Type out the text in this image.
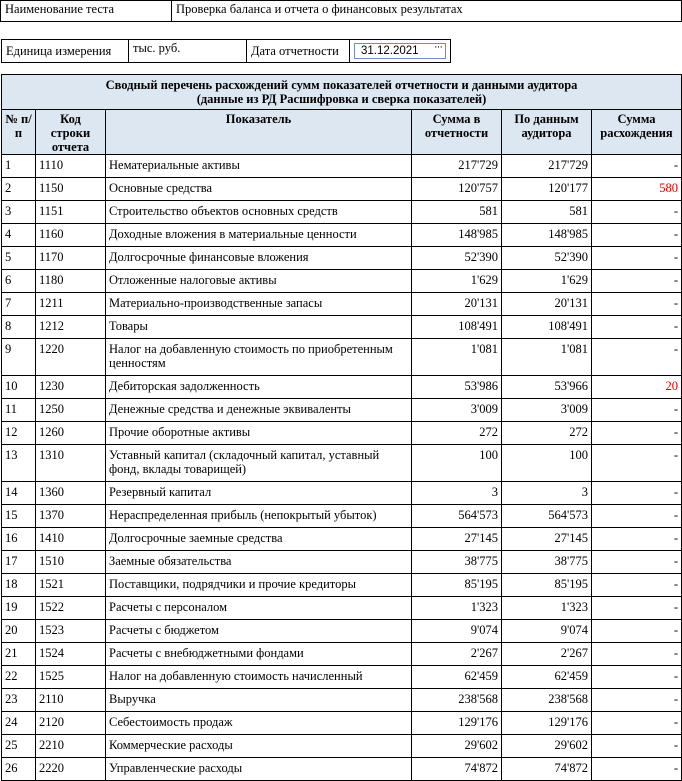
Наименование теста	Проверка баланса и отчета о финансовых результатах
Единица измерения	тыс. руб.	Дата отчетности	31.12.2021 ···
Сводный перечень расхождений сумм показателей отчетности и данными аудитора
(данные из РД Расшифровка и сверка показателей)					

№ п/п	Код строки отчета	Показатель	Сумма в отчетности	По данным аудитора	Сумма расхождения
1	1110	Нематериальные активы	217'729	217'729	-
2	1150	Основные средства	120'757	120'177	580
3	1151	Строительство объектов основных средств	581	581	-
4	1160	Доходные вложения в материальные ценности	148'985	148'985	-
5	1170	Долгосрочные финансовые вложения	52'390	52'390	-
6	1180	Отложенные налоговые активы	1'629	1'629	-
7	1211	Материально-производственные запасы	20'131	20'131	-
8	1212	Товары	108'491	108'491	-
9	1220	Налог на добавленную стоимость по приобретенным ценностям	1'081	1'081	-
10	1230	Дебиторская задолженность	53'986	53'966	20
11	1250	Денежные средства и денежные эквиваленты	3'009	3'009	-
12	1260	Прочие оборотные активы	272	272	-
13	1310	Уставный капитал (складочный капитал, уставный фонд, вклады товарищей)	100	100	-
14	1360	Резервный капитал	3	3	-
15	1370	Нераспределенная прибыль (непокрытый убыток)	564'573	564'573	-
16	1410	Долгосрочные заемные средства	27'145	27'145	-
17	1510	Заемные обязательства	38'775	38'775	-
18	1521	Поставщики, подрядчики и прочие кредиторы	85'195	85'195	-
19	1522	Расчеты с персоналом	1'323	1'323	-
20	1523	Расчеты с бюджетом	9'074	9'074	-
21	1524	Расчеты с внебюджетными фондами	2'267	2'267	-
22	1525	Налог на добавленную стоимость начисленный	62'459	62'459	-
23	2110	Выручка	238'568	238'568	-
24	2120	Себестоимость продаж	129'176	129'176	-
25	2210	Коммерческие расходы	29'602	29'602	-
26	2220	Управленческие расходы	74'872	74'872	-
